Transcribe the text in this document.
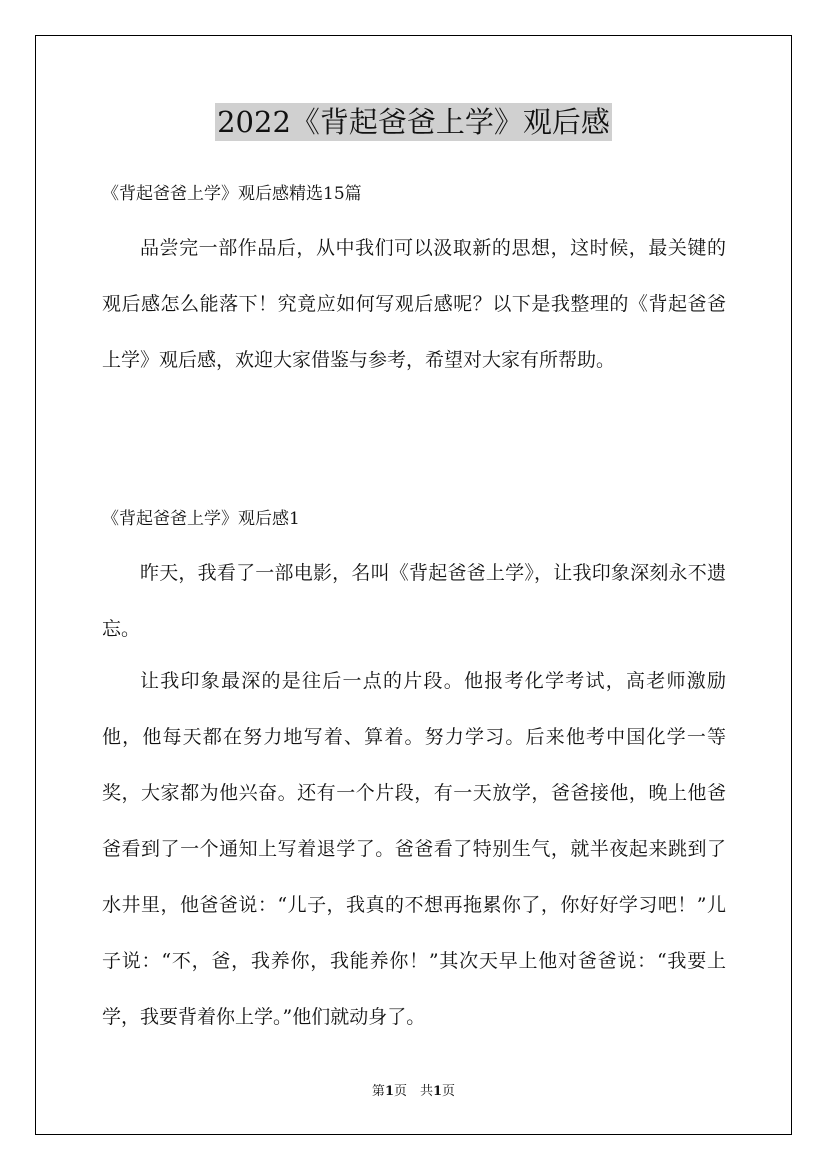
2022《背起爸爸上学》观后感
《背起爸爸上学》观后感精选15篇

品尝完一部作品后，从中我们可以汲取新的思想，这时候，最关键的观后感怎么能落下！究竟应如何写观后感呢？以下是我整理的《背起爸爸上学》观后感，欢迎大家借鉴与参考，希望对大家有所帮助。

《背起爸爸上学》观后感1

昨天，我看了一部电影，名叫《背起爸爸上学》，让我印象深刻永不遗忘。

让我印象最深的是往后一点的片段。他报考化学考试，高老师激励他，他每天都在努力地写着、算着。努力学习。后来他考中国化学一等奖，大家都为他兴奋。还有一个片段，有一天放学，爸爸接他，晚上他爸爸看到了一个通知上写着退学了。爸爸看了特别生气，就半夜起来跳到了水井里，他爸爸说：“儿子，我真的不想再拖累你了，你好好学习吧！”儿子说：“不，爸，我养你，我能养你！”其次天早上他对爸爸说：“我要上学，我要背着你上学。”他们就动身了。

第1页　共1页
